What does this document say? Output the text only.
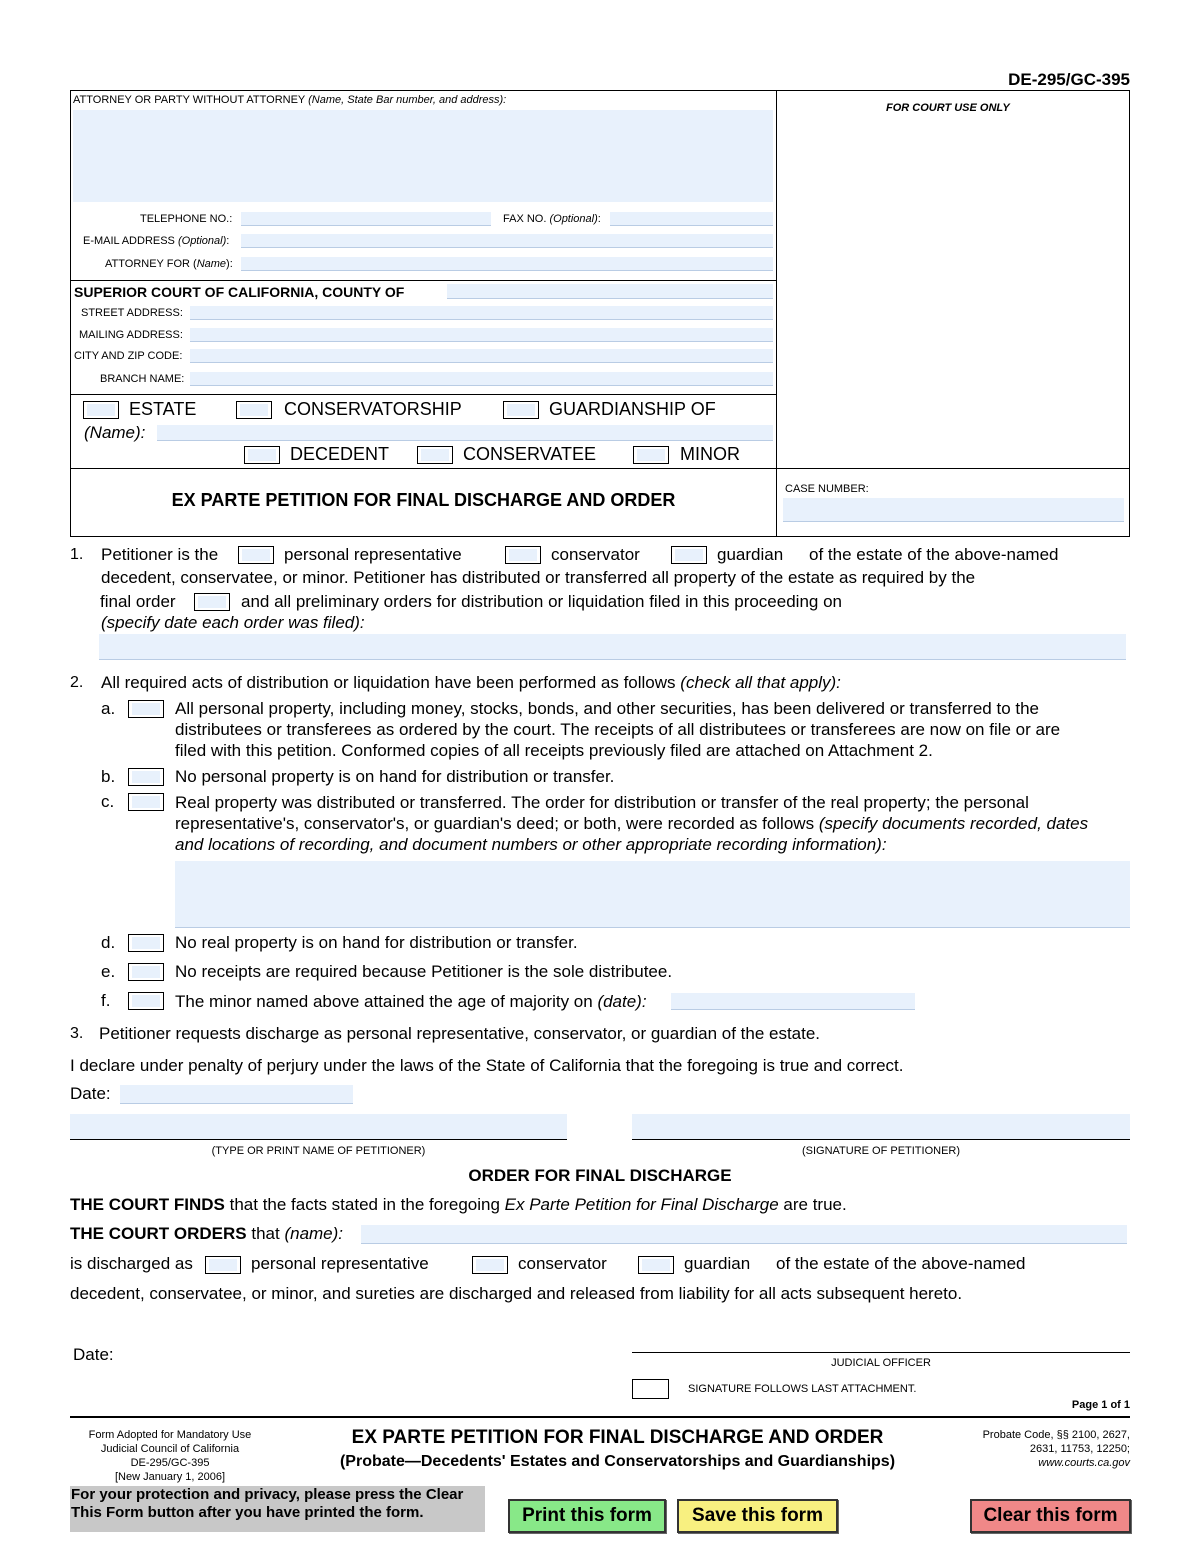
DE-295/GC-395
ATTORNEY OR PARTY WITHOUT ATTORNEY (Name, State Bar number, and address):
FOR COURT USE ONLY
TELEPHONE NO.:	FAX NO. (Optional):
E-MAIL ADDRESS (Optional):
ATTORNEY FOR (Name):
SUPERIOR COURT OF CALIFORNIA, COUNTY OF
STREET ADDRESS:
MAILING ADDRESS:
CITY AND ZIP CODE:
BRANCH NAME:
ESTATE	CONSERVATORSHIP	GUARDIANSHIP OF
(Name):
DECEDENT	CONSERVATEE	MINOR
EX PARTE PETITION FOR FINAL DISCHARGE AND ORDER
CASE NUMBER:
1. Petitioner is the	personal representative	conservator	guardian of the estate of the above-named
decedent, conservatee, or minor. Petitioner has distributed or transferred all property of the estate as required by the
final order	and all preliminary orders for distribution or liquidation filed in this proceeding on
(specify date each order was filed):
2. All required acts of distribution or liquidation have been performed as follows (check all that apply):
a.	All personal property, including money, stocks, bonds, and other securities, has been delivered or transferred to the
distributees or transferees as ordered by the court. The receipts of all distributees or transferees are now on file or are
filed with this petition. Conformed copies of all receipts previously filed are attached on Attachment 2.
b.	No personal property is on hand for distribution or transfer.
c.	Real property was distributed or transferred. The order for distribution or transfer of the real property; the personal
representative's, conservator's, or guardian's deed; or both, were recorded as follows (specify documents recorded, dates
and locations of recording, and document numbers or other appropriate recording information):
d.	No real property is on hand for distribution or transfer.
e.	No receipts are required because Petitioner is the sole distributee.
f.	The minor named above attained the age of majority on (date):
3. Petitioner requests discharge as personal representative, conservator, or guardian of the estate.
I declare under penalty of perjury under the laws of the State of California that the foregoing is true and correct.
Date:
(TYPE OR PRINT NAME OF PETITIONER)	(SIGNATURE OF PETITIONER)
ORDER FOR FINAL DISCHARGE
THE COURT FINDS that the facts stated in the foregoing Ex Parte Petition for Final Discharge are true.
THE COURT ORDERS that (name):
is discharged as	personal representative	conservator	guardian of the estate of the above-named
decedent, conservatee, or minor, and sureties are discharged and released from liability for all acts subsequent hereto.
Date:	JUDICIAL OFFICER
SIGNATURE FOLLOWS LAST ATTACHMENT.
Page 1 of 1
Form Adopted for Mandatory Use
Judicial Council of California
DE-295/GC-395
[New January 1, 2006]
EX PARTE PETITION FOR FINAL DISCHARGE AND ORDER
(Probate—Decedents' Estates and Conservatorships and Guardianships)
Probate Code, §§ 2100, 2627,
2631, 11753, 12250;
www.courts.ca.gov
For your protection and privacy, please press the Clear
This Form button after you have printed the form.	Print this form	Save this form	Clear this form
